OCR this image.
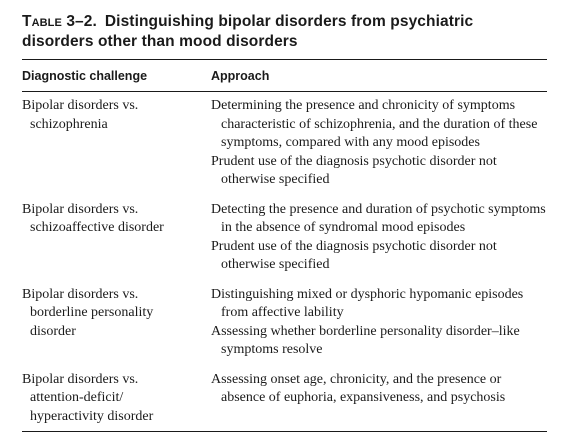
Table 3–2. Distinguishing bipolar disorders from psychiatric
disorders other than mood disorders
Diagnostic challenge	Approach
Bipolar disorders vs.
schizophrenia
Determining the presence and chronicity of symptoms characteristic of schizophrenia, and the duration of these symptoms, compared with any mood episodes
Prudent use of the diagnosis psychotic disorder not otherwise specified
Bipolar disorders vs.
schizoaffective disorder
Detecting the presence and duration of psychotic symptoms in the absence of syndromal mood episodes
Prudent use of the diagnosis psychotic disorder not otherwise specified
Bipolar disorders vs.
borderline personality
disorder
Distinguishing mixed or dysphoric hypomanic episodes from affective lability
Assessing whether borderline personality disorder–like symptoms resolve
Bipolar disorders vs.
attention-deficit/
hyperactivity disorder
Assessing onset age, chronicity, and the presence or absence of euphoria, expansiveness, and psychosis
